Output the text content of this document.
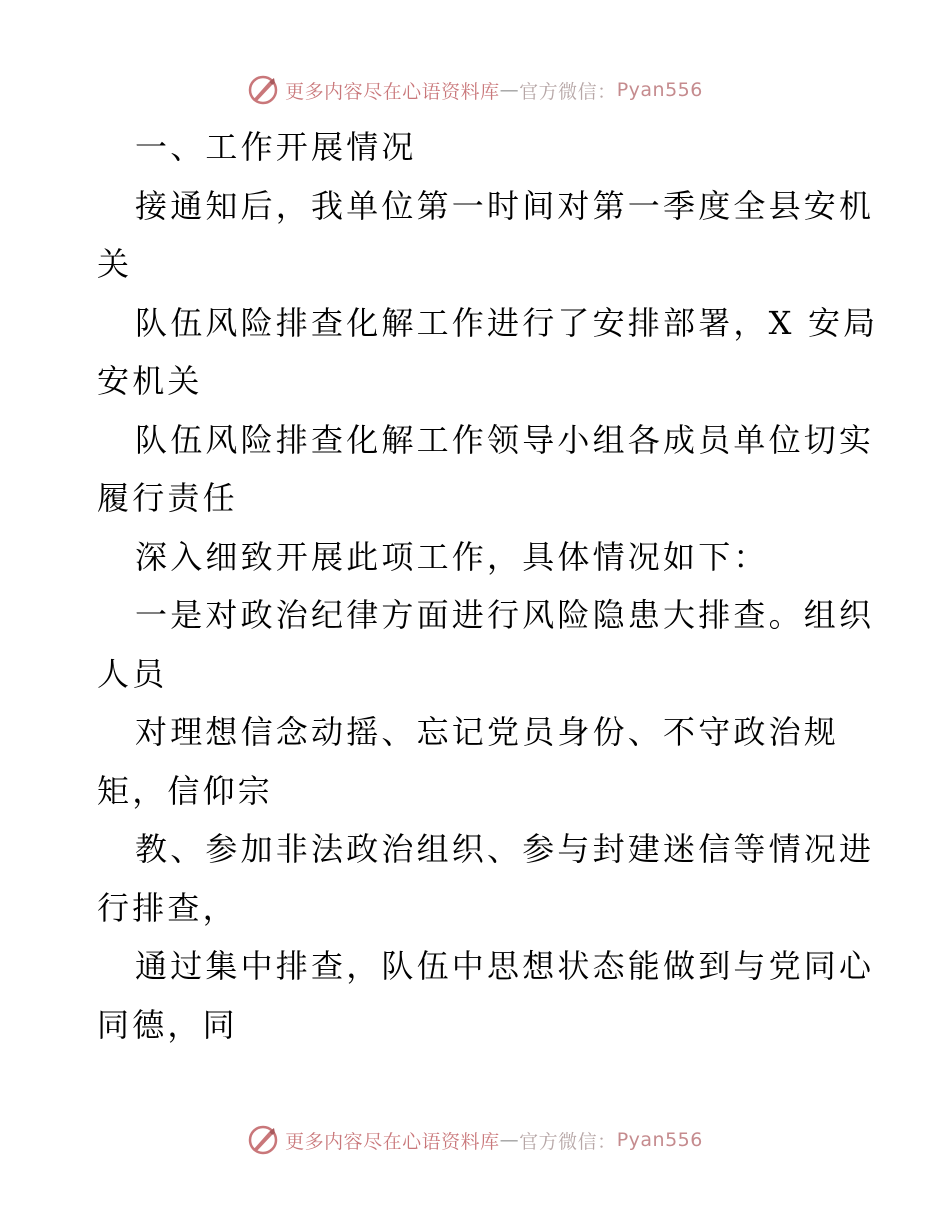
更多内容尽在心语资料库 — 官方微信： Pyan556
一、工作开展情况
接通知后，我单位第一时间对第一季度全县安机
关
队伍风险排查化解工作进行了安排部署，X 安局
安机关
队伍风险排查化解工作领导小组各成员单位切实
履行责任
深入细致开展此项工作，具体情况如下：
一是对政治纪律方面进行风险隐患大排查。组织
人员
对理想信念动摇、忘记党员身份、不守政治规
矩，信仰宗
教、参加非法政治组织、参与封建迷信等情况进
行排查，
通过集中排查，队伍中思想状态能做到与党同心
同德，同
更多内容尽在心语资料库 — 官方微信： Pyan556
